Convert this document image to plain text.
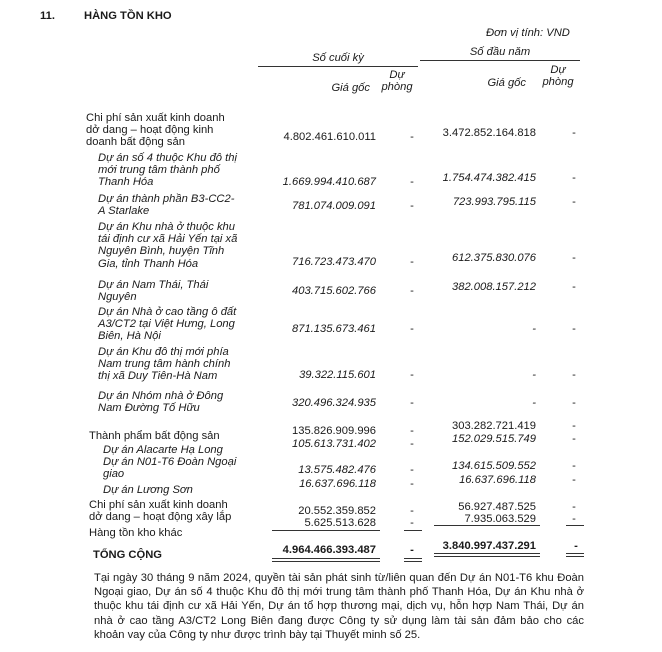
11.	HÀNG TỒN KHO
Đơn vị tính: VND
Số cuối kỳ	Số đầu năm
Giá gốc
Dự
phòng	Giá gốc
Dự
phòng
Chi phí sản xuất kinh doanh
dở dang – hoạt động kinh
doanh bất động sản	4.802.461.610.011	-	3.472.852.164.818	-
Dự án số 4 thuộc Khu đô thị
mới trung tâm thành phố
Thanh Hóa	1.669.994.410.687	-	1.754.474.382.415	-
Dự án thành phần B3-CC2-
A Starlake	781.074.009.091	-	723.993.795.115	-
Dự án Khu nhà ở thuộc khu
tái định cư xã Hải Yến tại xã
Nguyên Bình, huyện Tĩnh
Gia, tỉnh Thanh Hóa	716.723.473.470	-	612.375.830.076	-
Dự án Nam Thái, Thái
Nguyên
403.715.602.766	-	382.008.157.212	-
Dự án Nhà ở cao tầng ô đất
A3/CT2 tại Việt Hưng, Long
Biên, Hà Nội
871.135.673.461	-	-	-
Dự án Khu đô thị mới phía
Nam trung tâm hành chính
thị xã Duy Tiên-Hà Nam	39.322.115.601	-	-	-
Dự án Nhóm nhà ở Đông
Nam Đường Tố Hữu	320.496.324.935	-	-	-
Thành phẩm bất động sản	135.826.909.996	-	303.282.721.419	-
Dự án Alacarte Hạ Long	105.613.731.402	-	152.029.515.749	-
Dự án N01-T6 Đoàn Ngoại
giao	13.575.482.476	-	134.615.509.552	-
Dự án Lương Sơn	16.637.696.118	-	16.637.696.118	-
Chi phí sản xuất kinh doanh
dở dang – hoạt động xây lắp
20.552.359.852	-	56.927.487.525	-
Hàng tồn kho khác
5.625.513.628	-	7.935.063.529	-
TỔNG CỘNG	4.964.466.393.487	-	3.840.997.437.291	-
Tại ngày 30 tháng 9 năm 2024, quyền tài sản phát sinh từ/liên quan đến Dự án N01-T6 khu Đoàn Ngoại giao, Dự án số 4 thuộc Khu đô thị mới trung tâm thành phố Thanh Hóa, Dự án Khu nhà ở thuộc khu tái định cư xã Hải Yến, Dự án tổ hợp thương mại, dịch vụ, hỗn hợp Nam Thái, Dự án nhà ở cao tầng A3/CT2 Long Biên đang được Công ty sử dụng làm tài sản đảm bảo cho các khoản vay của Công ty như được trình bày tại Thuyết minh số 25.
